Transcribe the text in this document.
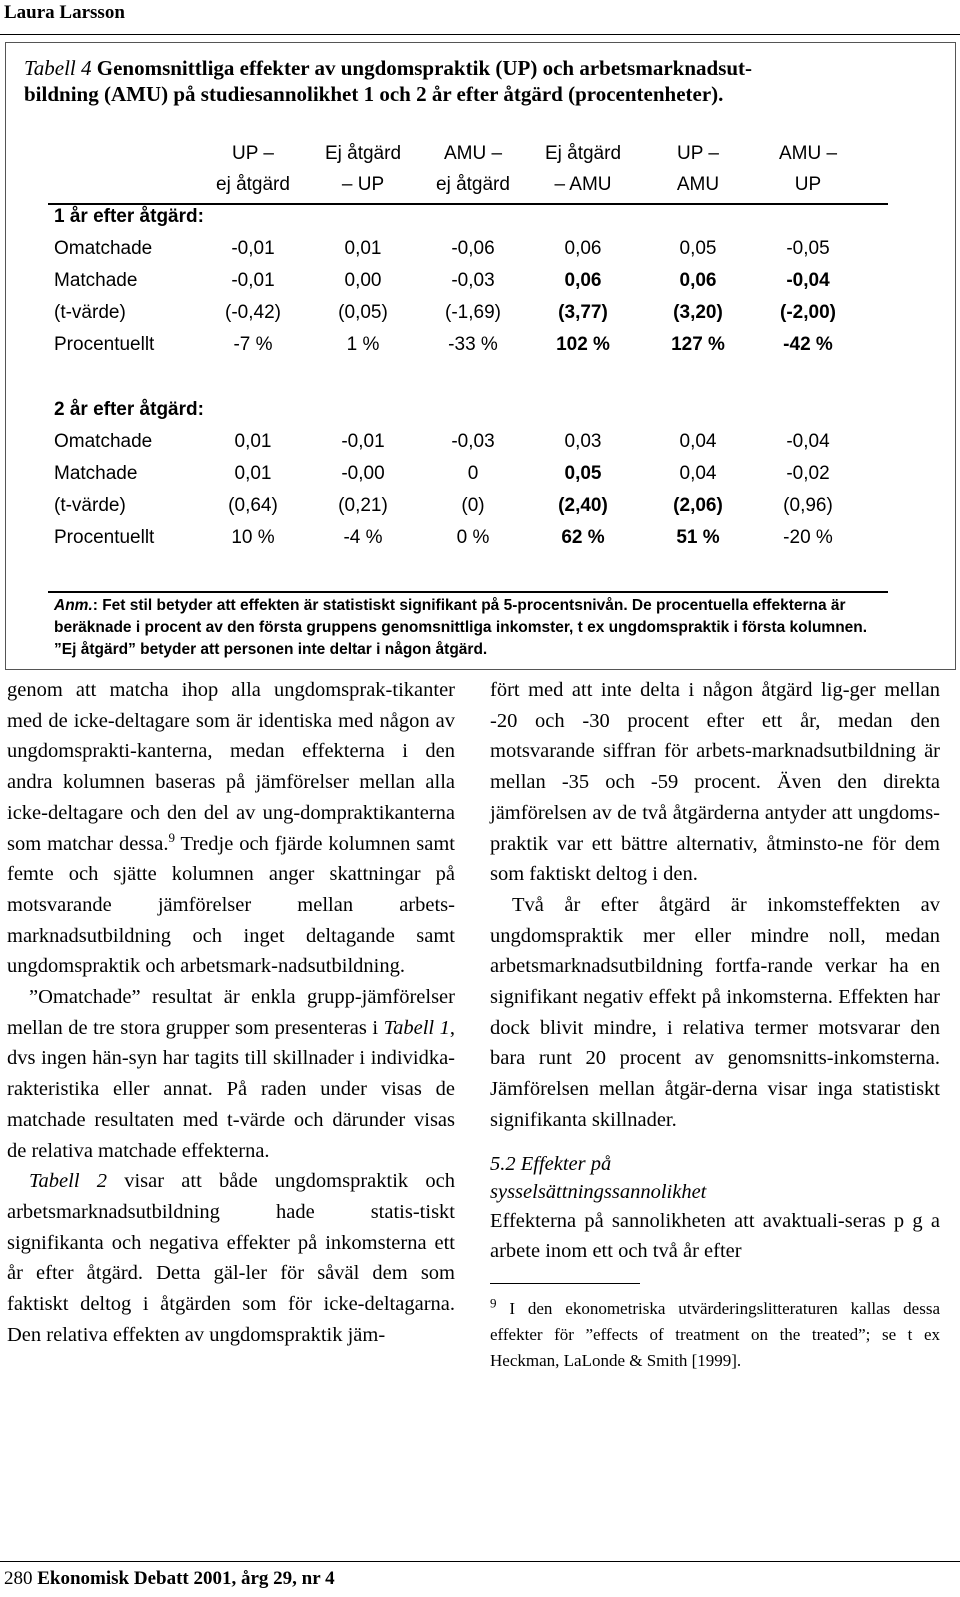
Laura Larsson
Tabell 4 Genomsnittliga effekter av ungdomspraktik (UP) och arbetsmarknadsut-
bildning (AMU) på studiesannolikhet 1 och 2 år efter åtgärd (procentenheter).
UP –	Ej åtgärd	AMU –	Ej åtgärd	UP –	AMU –
ej åtgärd	– UP	ej åtgärd	– AMU	AMU	UP
1 år efter åtgärd:
Omatchade	-0,01	0,01	-0,06	0,06	0,05	-0,05
Matchade	-0,01	0,00	-0,03	0,06	0,06	-0,04
(t-värde)	(-0,42)	(0,05)	(-1,69)	(3,77)	(3,20)	(-2,00)
Procentuellt	-7 %	1 %	-33 %	102 %	127 %	-42 %
2 år efter åtgärd:
Omatchade	0,01	-0,01	-0,03	0,03	0,04	-0,04
Matchade	0,01	-0,00	0	0,05	0,04	-0,02
(t-värde)	(0,64)	(0,21)	(0)	(2,40)	(2,06)	(0,96)
Procentuellt	10 %	-4 %	0 %	62 %	51 %	-20 %
Anm.: Fet stil betyder att effekten är statistiskt signifikant på 5-procentsnivån. De procentuella effekterna är beräknade i procent av den första gruppens genomsnittliga inkomster, t ex ungdomspraktik i första kolumnen. ”Ej åtgärd” betyder att personen inte deltar i någon åtgärd.

genom att matcha ihop alla ungdomsprak-tikanter med de icke-deltagare som är identiska med någon av ungdomsprakti-kanterna, medan effekterna i den andra kolumnen baseras på jämförelser mellan alla icke-deltagare och den del av ung-dompraktikanterna som matchar dessa.$^9$ Tredje och fjärde kolumnen samt femte och sjätte kolumnen anger skattningar på motsvarande jämförelser mellan arbets-marknadsutbildning och inget deltagande samt ungdomspraktik och arbetsmark-nadsutbildning.

”Omatchade” resultat är enkla grupp-jämförelser mellan de tre stora grupper som presenteras i Tabell 1, dvs ingen hän-syn har tagits till skillnader i individka-rakteristika eller annat. På raden under visas de matchade resultaten med t-värde och därunder visas de relativa matchade effekterna.

Tabell 2 visar att både ungdomspraktik och arbetsmarknadsutbildning hade statis-tiskt signifikanta och negativa effekter på inkomsterna ett år efter åtgärd. Detta gäl-ler för såväl dem som faktiskt deltog i åtgärden som för icke-deltagarna. Den relativa effekten av ungdomspraktik jäm-

fört med att inte delta i någon åtgärd lig-ger mellan -20 och -30 procent efter ett år, medan den motsvarande siffran för arbets-marknadsutbildning är mellan -35 och -59 procent. Även den direkta jämförelsen av de två åtgärderna antyder att ungdoms-praktik var ett bättre alternativ, åtminsto-ne för dem som faktiskt deltog i den.

Två år efter åtgärd är inkomsteffekten av ungdomspraktik mer eller mindre noll, medan arbetsmarknadsutbildning fortfa-rande verkar ha en signifikant negativ effekt på inkomsterna. Effekten har dock blivit mindre, i relativa termer motsvarar den bara runt 20 procent av genomsnitts-inkomsterna. Jämförelsen mellan åtgär-derna visar inga statistiskt signifikanta skillnader.

5.2 Effekter på
sysselsättningssannolikhet

Effekterna på sannolikheten att avaktuali-seras p g a arbete inom ett och två år efter

$^9$ I den ekonometriska utvärderingslitteraturen kallas dessa effekter för ”effects of treatment on the treated”; se t ex Heckman, LaLonde & Smith [1999].

280 Ekonomisk Debatt 2001, årg 29, nr 4
